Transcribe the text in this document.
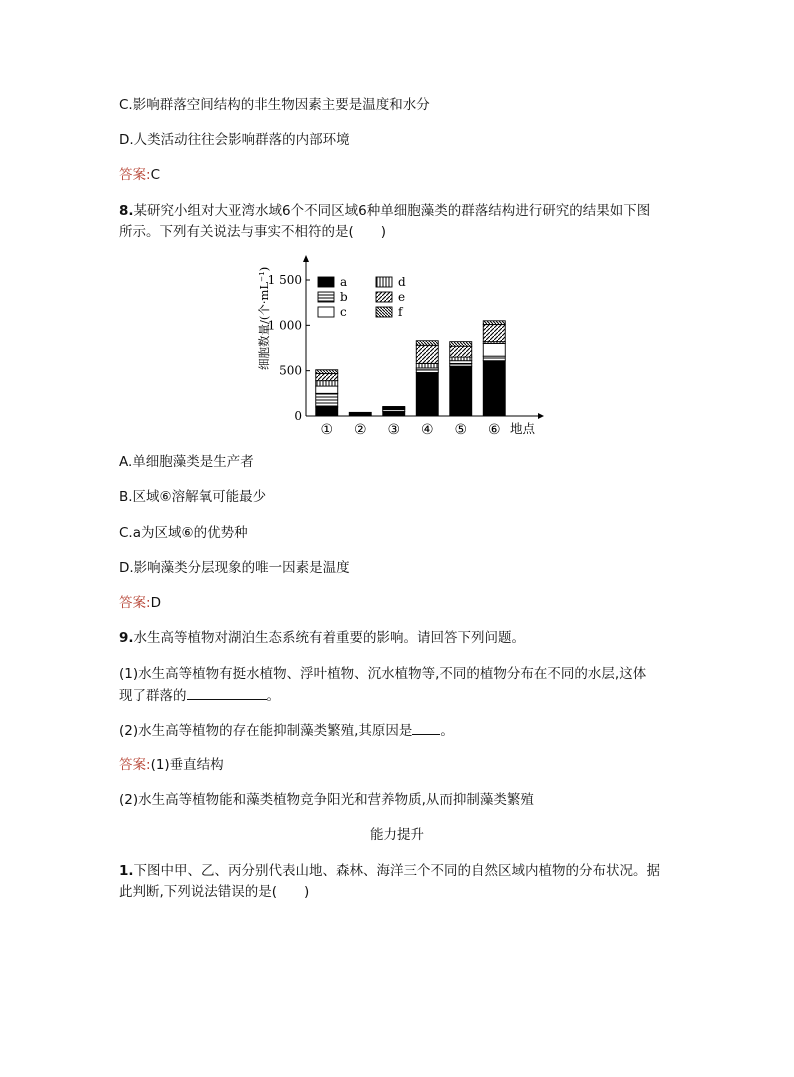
C.影响群落空间结构的非生物因素主要是温度和水分
D.人类活动往往会影响群落的内部环境
答案:C
8.某研究小组对大亚湾水域6个不同区域6种单细胞藻类的群落结构进行研究的结果如下图
所示。下列有关说法与事实不相符的是(　　)
0
500
1 000
1 500
① ② ③ ④ ⑤ ⑥ 地点
细胞数量/(个·mL⁻¹)	a
b
c
d
e
f
A.单细胞藻类是生产者
B.区域⑥溶解氧可能最少
C.a为区域⑥的优势种
D.影响藻类分层现象的唯一因素是温度
答案:D
9.水生高等植物对湖泊生态系统有着重要的影响。请回答下列问题。
(1)水生高等植物有挺水植物、浮叶植物、沉水植物等,不同的植物分布在不同的水层,这体
现了群落的	。
(2)水生高等植物的存在能抑制藻类繁殖,其原因是 。
答案:(1)垂直结构
(2)水生高等植物能和藻类植物竞争阳光和营养物质,从而抑制藻类繁殖
能力提升
1.下图中甲、乙、丙分别代表山地、森林、海洋三个不同的自然区域内植物的分布状况。据
此判断,下列说法错误的是(　　)
